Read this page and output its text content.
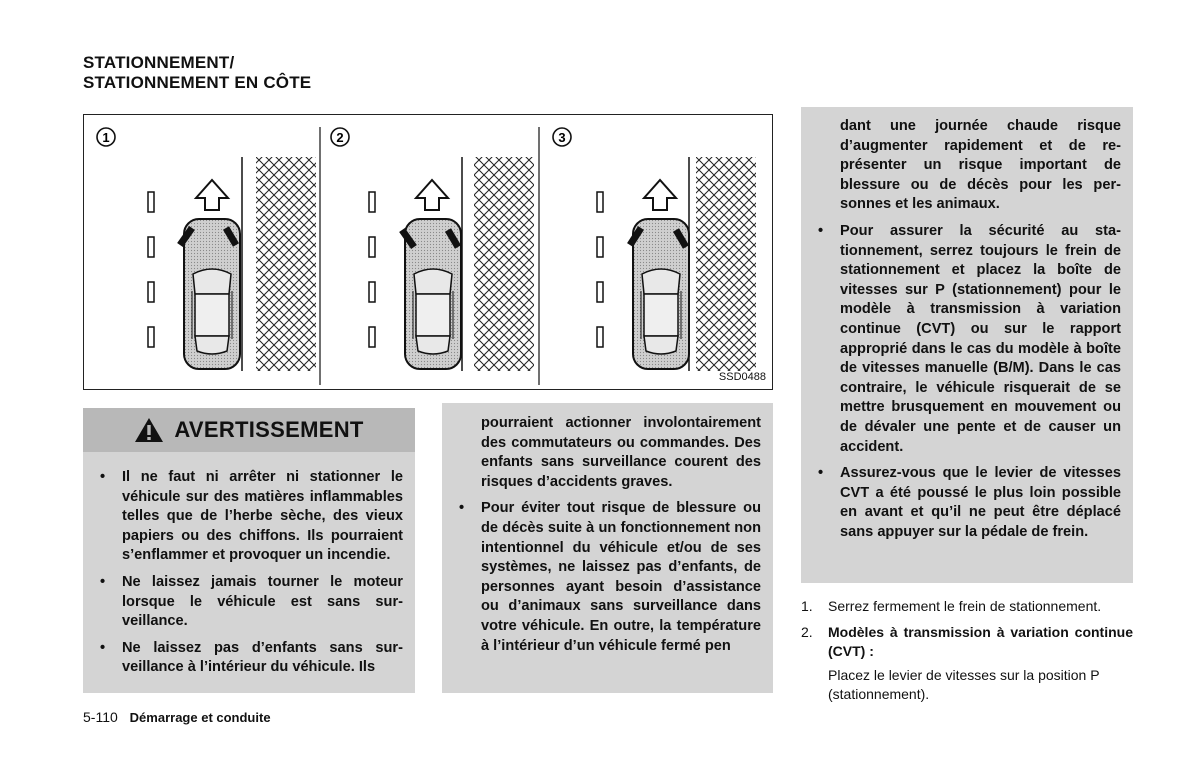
STATIONNEMENT/
STATIONNEMENT EN CÔTE
1	2	3
SSD0488
AVERTISSEMENT
• Il ne faut ni arrêter ni stationner le véhicule sur des matières inflammables telles que de l’herbe sèche, des vieux papiers ou des chiffons. Ils pourraient s’enflammer et provoquer un incendie.
• Ne laissez jamais tourner le moteur lorsque le véhicule est sans surveillance.
• Ne laissez pas d’enfants sans surveillance à l’intérieur du véhicule. Ils
pourraient actionner involontairement des commutateurs ou commandes. Des enfants sans surveillance courent des risques d’accidents graves.
• Pour éviter tout risque de blessure ou de décès suite à un fonctionnement non intentionnel du véhicule et/ou de ses systèmes, ne laissez pas d’enfants, de personnes ayant besoin d’assistance ou d’animaux sans surveillance dans votre véhicule. En outre, la température à l’intérieur d’un véhicule fermé pen
dant une journée chaude risque d’augmenter rapidement et de représenter un risque important de blessure ou de décès pour les personnes et les animaux.
• Pour assurer la sécurité au stationnement, serrez toujours le frein de stationnement et placez la boîte de vitesses sur P (stationnement) pour le modèle à transmission à variation continue (CVT) ou sur le rapport approprié dans le cas du modèle à boîte de vitesses manuelle (B/M). Dans le cas contraire, le véhicule risquerait de se mettre brusquement en mouvement ou de dévaler une pente et de causer un accident.
• Assurez-vous que le levier de vitesses CVT a été poussé le plus loin possible en avant et qu’il ne peut être déplacé sans appuyer sur la pédale de frein.
1. Serrez fermement le frein de stationnement.
2. Modèles à transmission à variation continue (CVT) :
Placez le levier de vitesses sur la position P (stationnement).
5-110 Démarrage et conduite
